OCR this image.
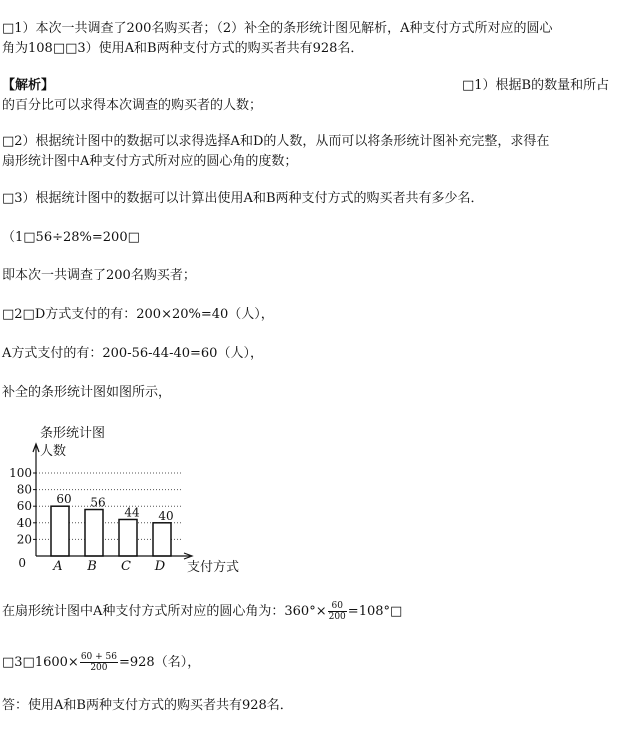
□1）本次一共调查了200名购买者；（2）补全的条形统计图见解析，A种支付方式所对应的圆心
角为108□□3）使用A和B两种支付方式的购买者共有928名．
【解析】	□1）根据B的数量和所占
的百分比可以求得本次调查的购买者的人数；
□2）根据统计图中的数据可以求得选择A和D的人数，从而可以将条形统计图补充完整，求得在
扇形统计图中A种支付方式所对应的圆心角的度数；
□3）根据统计图中的数据可以计算出使用A和B两种支付方式的购买者共有多少名．
（1□56÷28%=200□
即本次一共调查了200名购买者；
□2□D方式支付的有：200×20%=40（人），
A方式支付的有：200-56-44-40=60（人），
补全的条形统计图如图所示，
条形统计图
人数
支付方式
0
20
40
60
80
100
60
A
56
B
44
C
40
D
在扇形统计图中A种支付方式所对应的圆心角为：$360^\circ\times \frac{60}{200}$ =108°□
□3□1600× $\frac{60 + 56}{200} =928$（名），
答：使用A和B两种支付方式的购买者共有928名．
